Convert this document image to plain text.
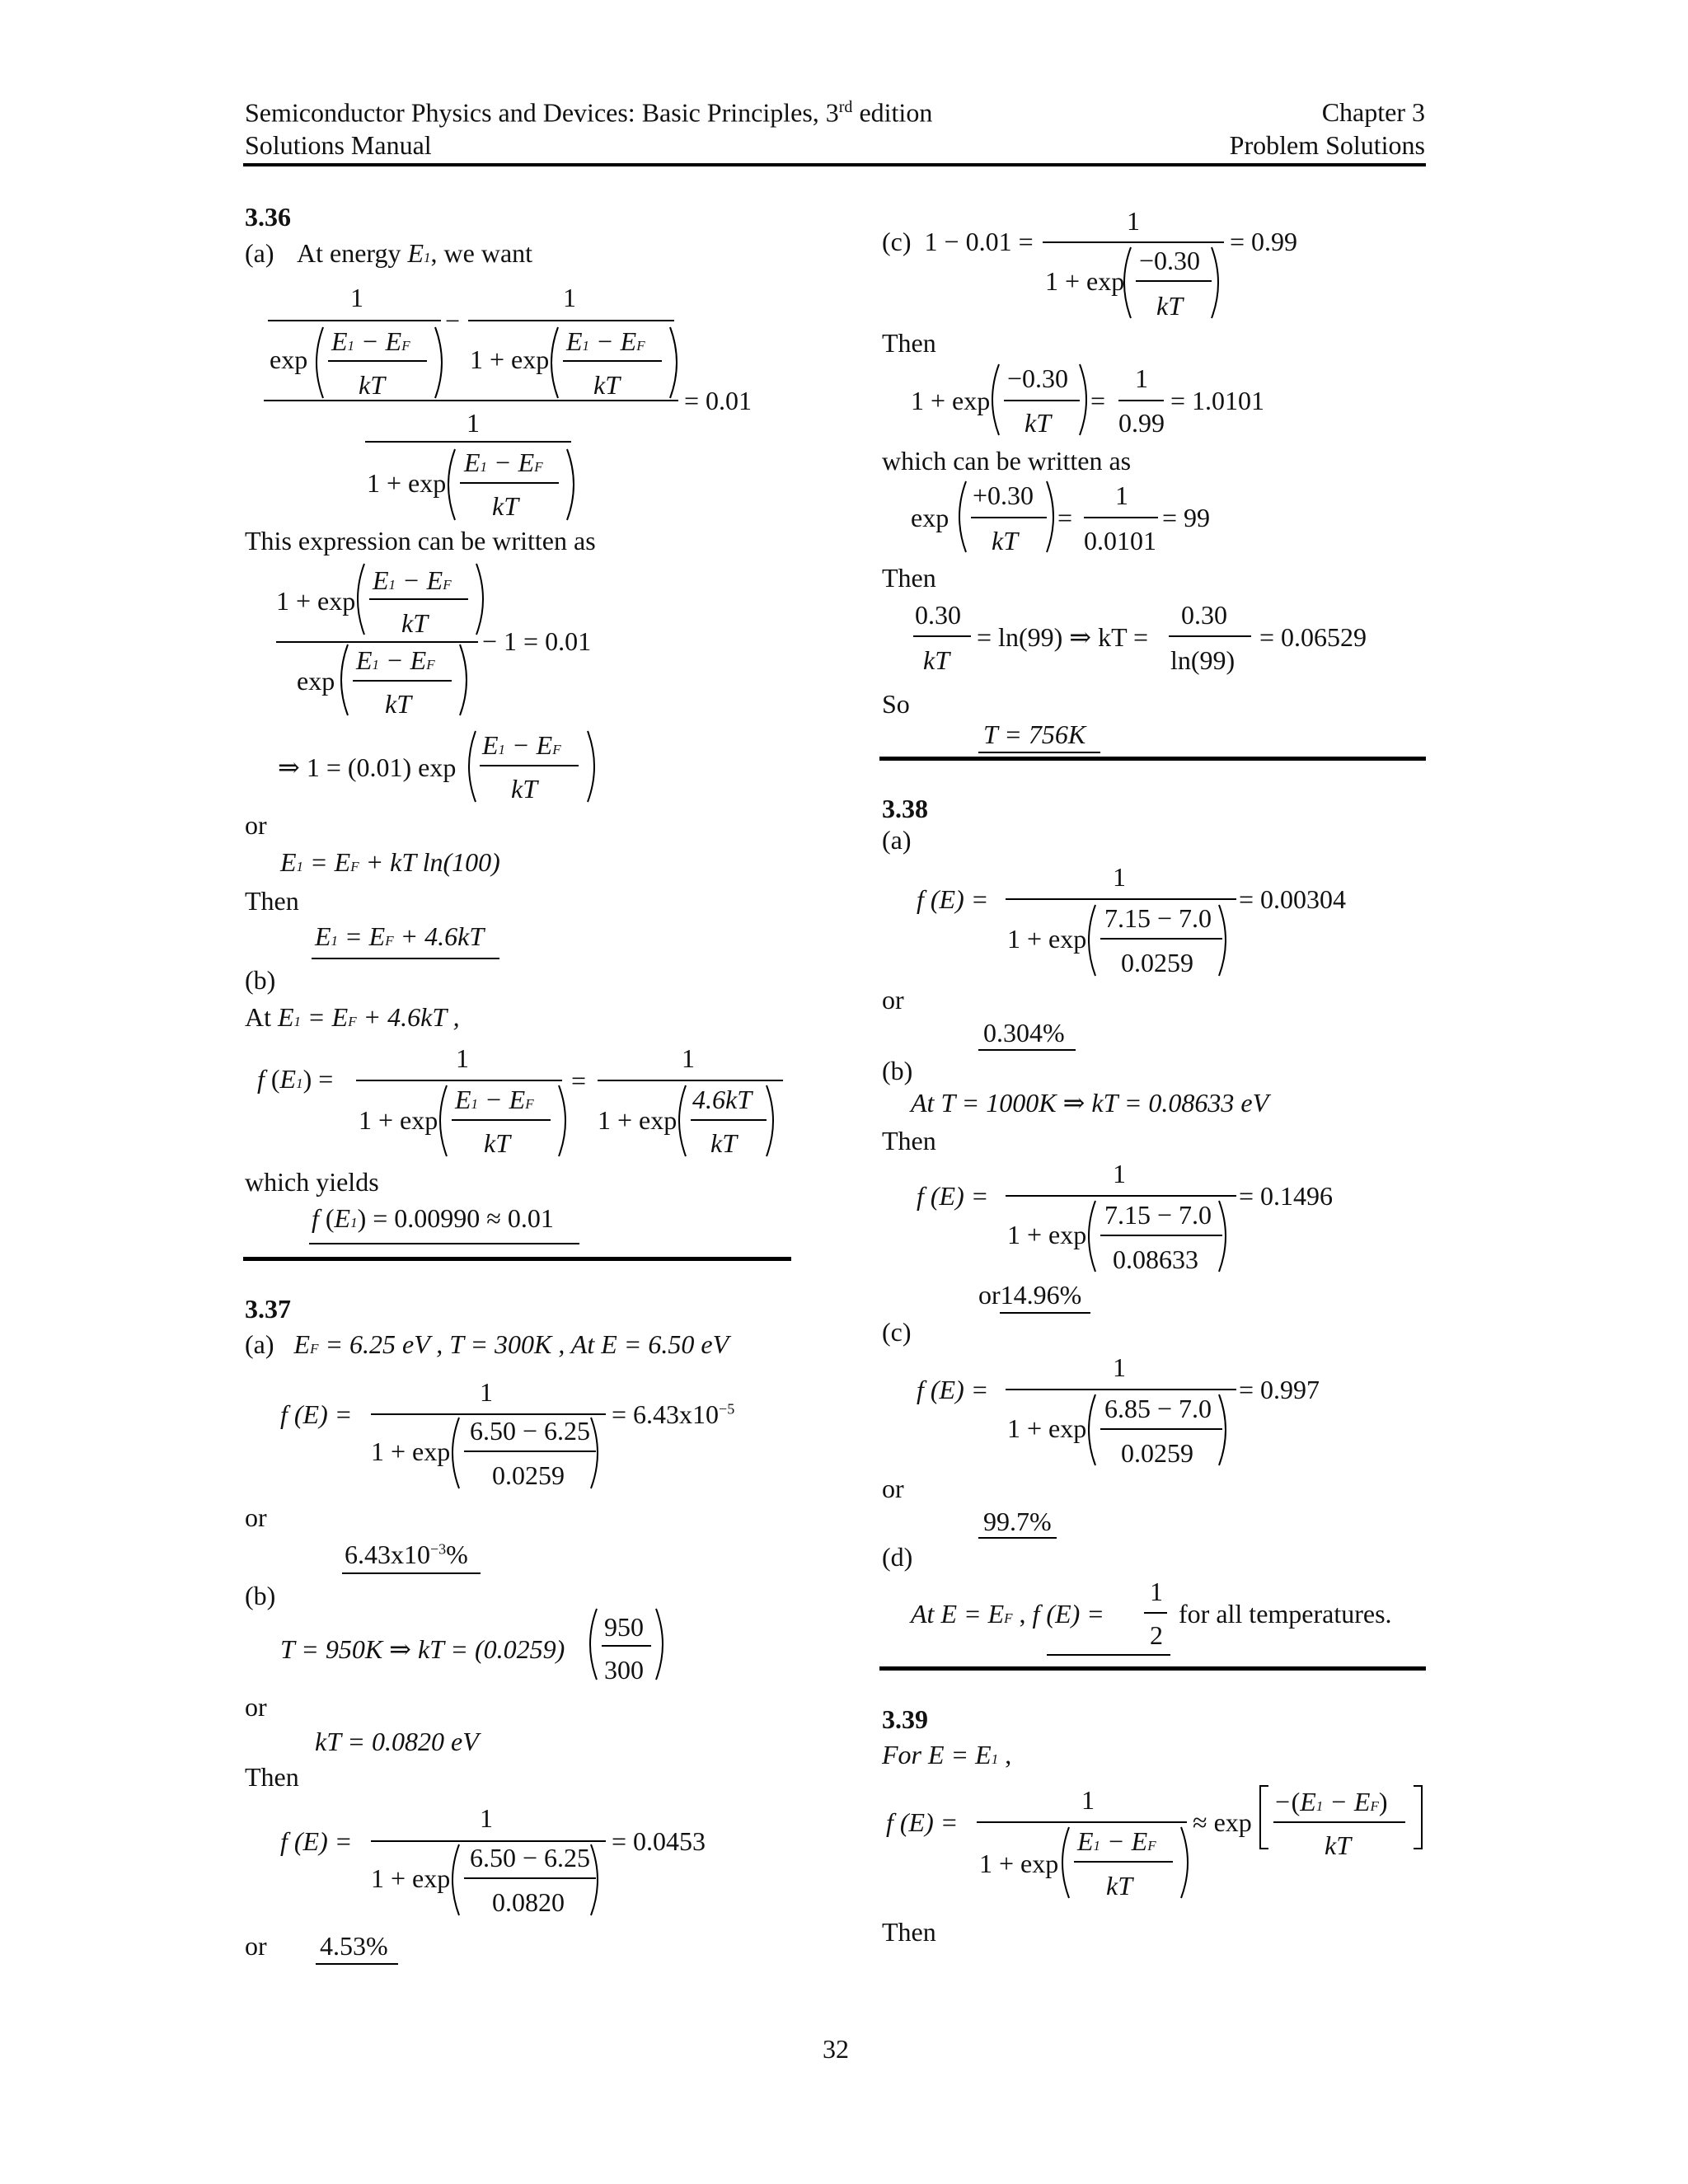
Semiconductor Physics and Devices: Basic Principles, 3rd edition
Solutions Manual
Chapter 3
Problem Solutions
3.36
(a) At energy E1, we want
1	1
−
exp
E1 − EF
kT
1 + exp
E1 − EF
kT
= 0.01
1
1 + exp
E1 − EF
kT
This expression can be written as
1 + exp
E1 − EF
kT
− 1 = 0.01
exp
E1 − EF
kT
⇒ 1 = (0.01) exp
E1 − EF
kT
or
E1 = EF + kT ln(100)
Then
E1 = EF + 4.6kT
(b)
At E1 = EF + 4.6kT ,
f (E1) =
1
1 + exp
E1 − EF
kT
=
1
1 + exp
4.6kT
kT
which yields
f (E1) = 0.00990 ≈ 0.01
3.37
(a) EF = 6.25 eV , T = 300K , At E = 6.50 eV
f (E) =
1
1 + exp
6.50 − 6.25
0.0259
= $6.43x10^{-5}$
or
$6.43x10^{-3}\%$
(b)
T = 950K ⇒ kT = (0.0259)
950
300
or
kT = 0.0820 eV
Then
f (E) =
1
1 + exp
6.50 − 6.25
0.0820
= 0.0453
or 4.53%
(c) 1 − 0.01 =
1
1 + exp
−0.30
kT
= 0.99
Then
1 + exp
−0.30
kT
=
1
0.99
= 1.0101
which can be written as
exp
+0.30
kT
=
1
0.0101
= 99
Then
0.30
kT
= ln(99) ⇒ kT =
0.30
ln(99)
= 0.06529
So
T = 756K
3.38
(a)
f (E) =
1
1 + exp
7.15 − 7.0
0.0259
= 0.00304
or
0.304%
(b)
At T = 1000K ⇒ kT = 0.08633 eV
Then
f (E) =
1
1 + exp
7.15 − 7.0
0.08633
= 0.1496
or14.96%
(c)
f (E) =
1
1 + exp
6.85 − 7.0
0.0259
= 0.997
or
99.7%
(d)
At E = EF , f (E) =
1
2
for all temperatures.
3.39
For E = E1 ,
f (E) =
1
1 + exp
E1 − EF
kT
≈ exp
−(E1 − EF)
kT
Then
32
